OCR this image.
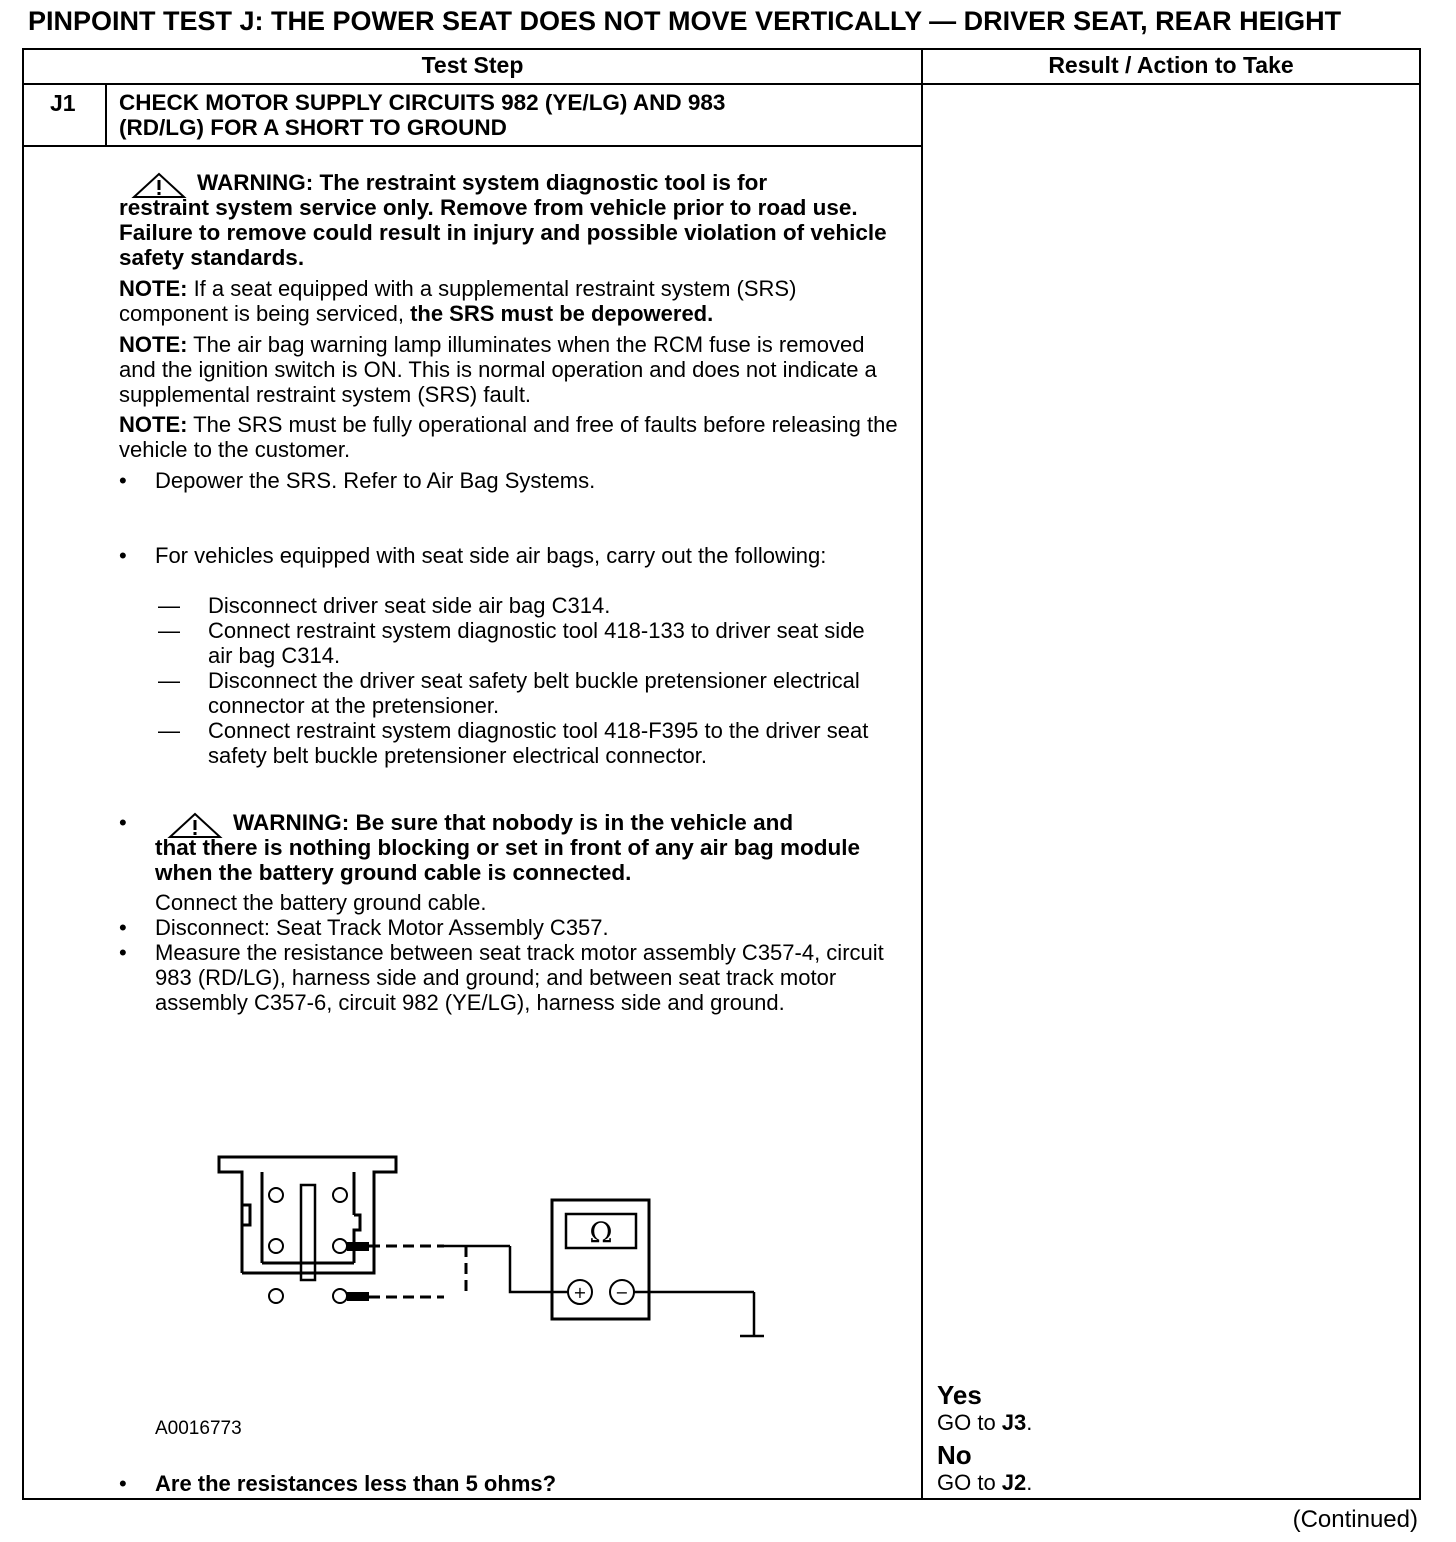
PINPOINT TEST J: THE POWER SEAT DOES NOT MOVE VERTICALLY — DRIVER SEAT, REAR HEIGHT
Test Step	Result / Action to Take
J1 CHECK MOTOR SUPPLY CIRCUITS 982 (YE/LG) AND 983
(RD/LG) FOR A SHORT TO GROUND
WARNING: The restraint system diagnostic tool is for
restraint system service only. Remove from vehicle prior to road use. Failure to remove could result in injury and possible violation of vehicle safety standards.
NOTE: If a seat equipped with a supplemental restraint system (SRS) component is being serviced, the SRS must be depowered.
NOTE: The air bag warning lamp illuminates when the RCM fuse is removed and the ignition switch is ON. This is normal operation and does not indicate a supplemental restraint system (SRS) fault.
NOTE: The SRS must be fully operational and free of faults before releasing the vehicle to the customer.
•	Depower the SRS. Refer to Air Bag Systems.
•	For vehicles equipped with seat side air bags, carry out the following:
—	Disconnect driver seat side air bag C314.
—	Connect restraint system diagnostic tool 418-133 to driver seat side air bag C314.
—	Disconnect the driver seat safety belt buckle pretensioner electrical connector at the pretensioner.
—	Connect restraint system diagnostic tool 418-F395 to the driver seat safety belt buckle pretensioner electrical connector.
•	WARNING: Be sure that nobody is in the vehicle and
that there is nothing blocking or set in front of any air bag module when the battery ground cable is connected.
Connect the battery ground cable.
•	Disconnect: Seat Track Motor Assembly C357.
•	Measure the resistance between seat track motor assembly C357-4, circuit 983 (RD/LG), harness side and ground; and between seat track motor assembly C357-6, circuit 982 (YE/LG), harness side and ground.
Ω
+ −
A0016773
•	Are the resistances less than 5 ohms?
Yes
GO to J3.
No
GO to J2.
(Continued)
